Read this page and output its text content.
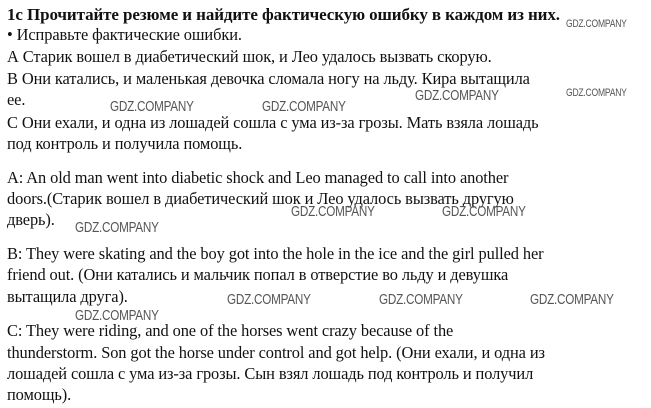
1c Прочитайте резюме и найдите фактическую ошибку в каждом из них.
• Исправьте фактические ошибки.
А Старик вошел в диабетический шок, и Лео удалось вызвать скорую.
В Они катались, и маленькая девочка сломала ногу на льду. Кира вытащила
ее.
С Они ехали, и одна из лошадей сошла с ума из-за грозы. Мать взяла лошадь
под контроль и получила помощь.
A: An old man went into diabetic shock and Leo managed to call into another
doors.(Старик вошел в диабетический шок и Лео удалось вызвать другую
дверь).
B: They were skating and the boy got into the hole in the ice and the girl pulled her
friend out. (Они катались и мальчик попал в отверстие во льду и девушка
вытащила друга).
C: They were riding, and one of the horses went crazy because of the
thunderstorm. Son got the horse under control and got help. (Они ехали, и одна из
лошадей сошла с ума из-за грозы. Сын взял лошадь под контроль и получил
помощь).
GDZ.COMPANY
GDZ.COMPANY	GDZ.COMPANY
GDZ.COMPANY	GDZ.COMPANY
GDZ.COMPANY	GDZ.COMPANY
GDZ.COMPANY
GDZ.COMPANY	GDZ.COMPANY	GDZ.COMPANY
GDZ.COMPANY
